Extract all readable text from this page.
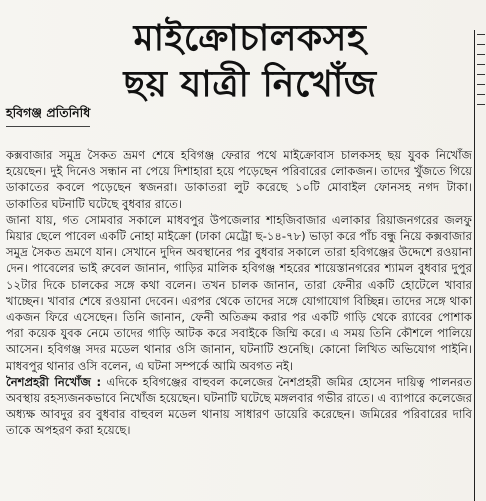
মাইক্রোচালকসহ
ছয় যাত্রী নিখোঁজ
হবিগঞ্জ প্রতিনিধি

কক্সবাজার সমুদ্র সৈকত ভ্রমণ শেষে হবিগঞ্জ ফেরার পথে মাইক্রোবাস চালকসহ ছয় যুবক নিখোঁজ হয়েছেন। দুই দিনেও সন্ধান না পেয়ে দিশাহারা হয়ে পড়েছেন পরিবারের লোকজন। তাদের খুঁজতে গিয়ে ডাকাতের কবলে পড়েছেন স্বজনরা। ডাকাতরা লুট করেছে ১০টি মোবাইল ফোনসহ নগদ টাকা। ডাকাতির ঘটনাটি ঘটেছে বুধবার রাতে।

জানা যায়, গত সোমবার সকালে মাধবপুর উপজেলার শাহজিবাজার এলাকার রিয়াজনগরের জলফু মিয়ার ছেলে পাবেল একটি নোহা মাইক্রো (ঢাকা মেট্রো ছ-১৪-৭৮) ভাড়া করে পাঁচ বন্ধু নিয়ে কক্সবাজার সমুদ্র সৈকত ভ্রমণে যান। সেখানে দুদিন অবস্থানের পর বুধবার সকালে তারা হবিগঞ্জের উদ্দেশে রওয়ানা দেন। পাবেলের ভাই রুবেল জানান, গাড়ির মালিক হবিগঞ্জ শহরের শায়েস্তানগরের শ্যামল বুধবার দুপুর ১২টার দিকে চালকের সঙ্গে কথা বলেন। তখন চালক জানান, তারা ফেনীর একটি হোটেলে খাবার খাচ্ছেন। খাবার শেষে রওয়ানা দেবেন। এরপর থেকে তাদের সঙ্গে যোগাযোগ বিচ্ছিন্ন। তাদের সঙ্গে থাকা একজন ফিরে এসেছেন। তিনি জানান, ফেনী অতিক্রম করার পর একটি গাড়ি থেকে র‍্যাবের পোশাক পরা কয়েক যুবক নেমে তাদের গাড়ি আটক করে সবাইকে জিম্মি করে। এ সময় তিনি কৌশলে পালিয়ে আসেন। হবিগঞ্জ সদর মডেল থানার ওসি জানান, ঘটনাটি শুনেছি। কোনো লিখিত অভিযোগ পাইনি। মাধবপুর থানার ওসি বলেন, এ ঘটনা সম্পর্কে আমি অবগত নই।

নৈশপ্রহরী নিখোঁজ : এদিকে হবিগঞ্জের বাহুবল কলেজের নৈশপ্রহরী জমির হোসেন দায়িত্ব পালনরত অবস্থায় রহস্যজনকভাবে নিখোঁজ হয়েছেন। ঘটনাটি ঘটেছে মঙ্গলবার গভীর রাতে। এ ব্যাপারে কলেজের অধ্যক্ষ আবদুর রব বুধবার বাহুবল মডেল থানায় সাধারণ ডায়েরি করেছেন। জমিরের পরিবারের দাবি তাকে অপহরণ করা হয়েছে।
